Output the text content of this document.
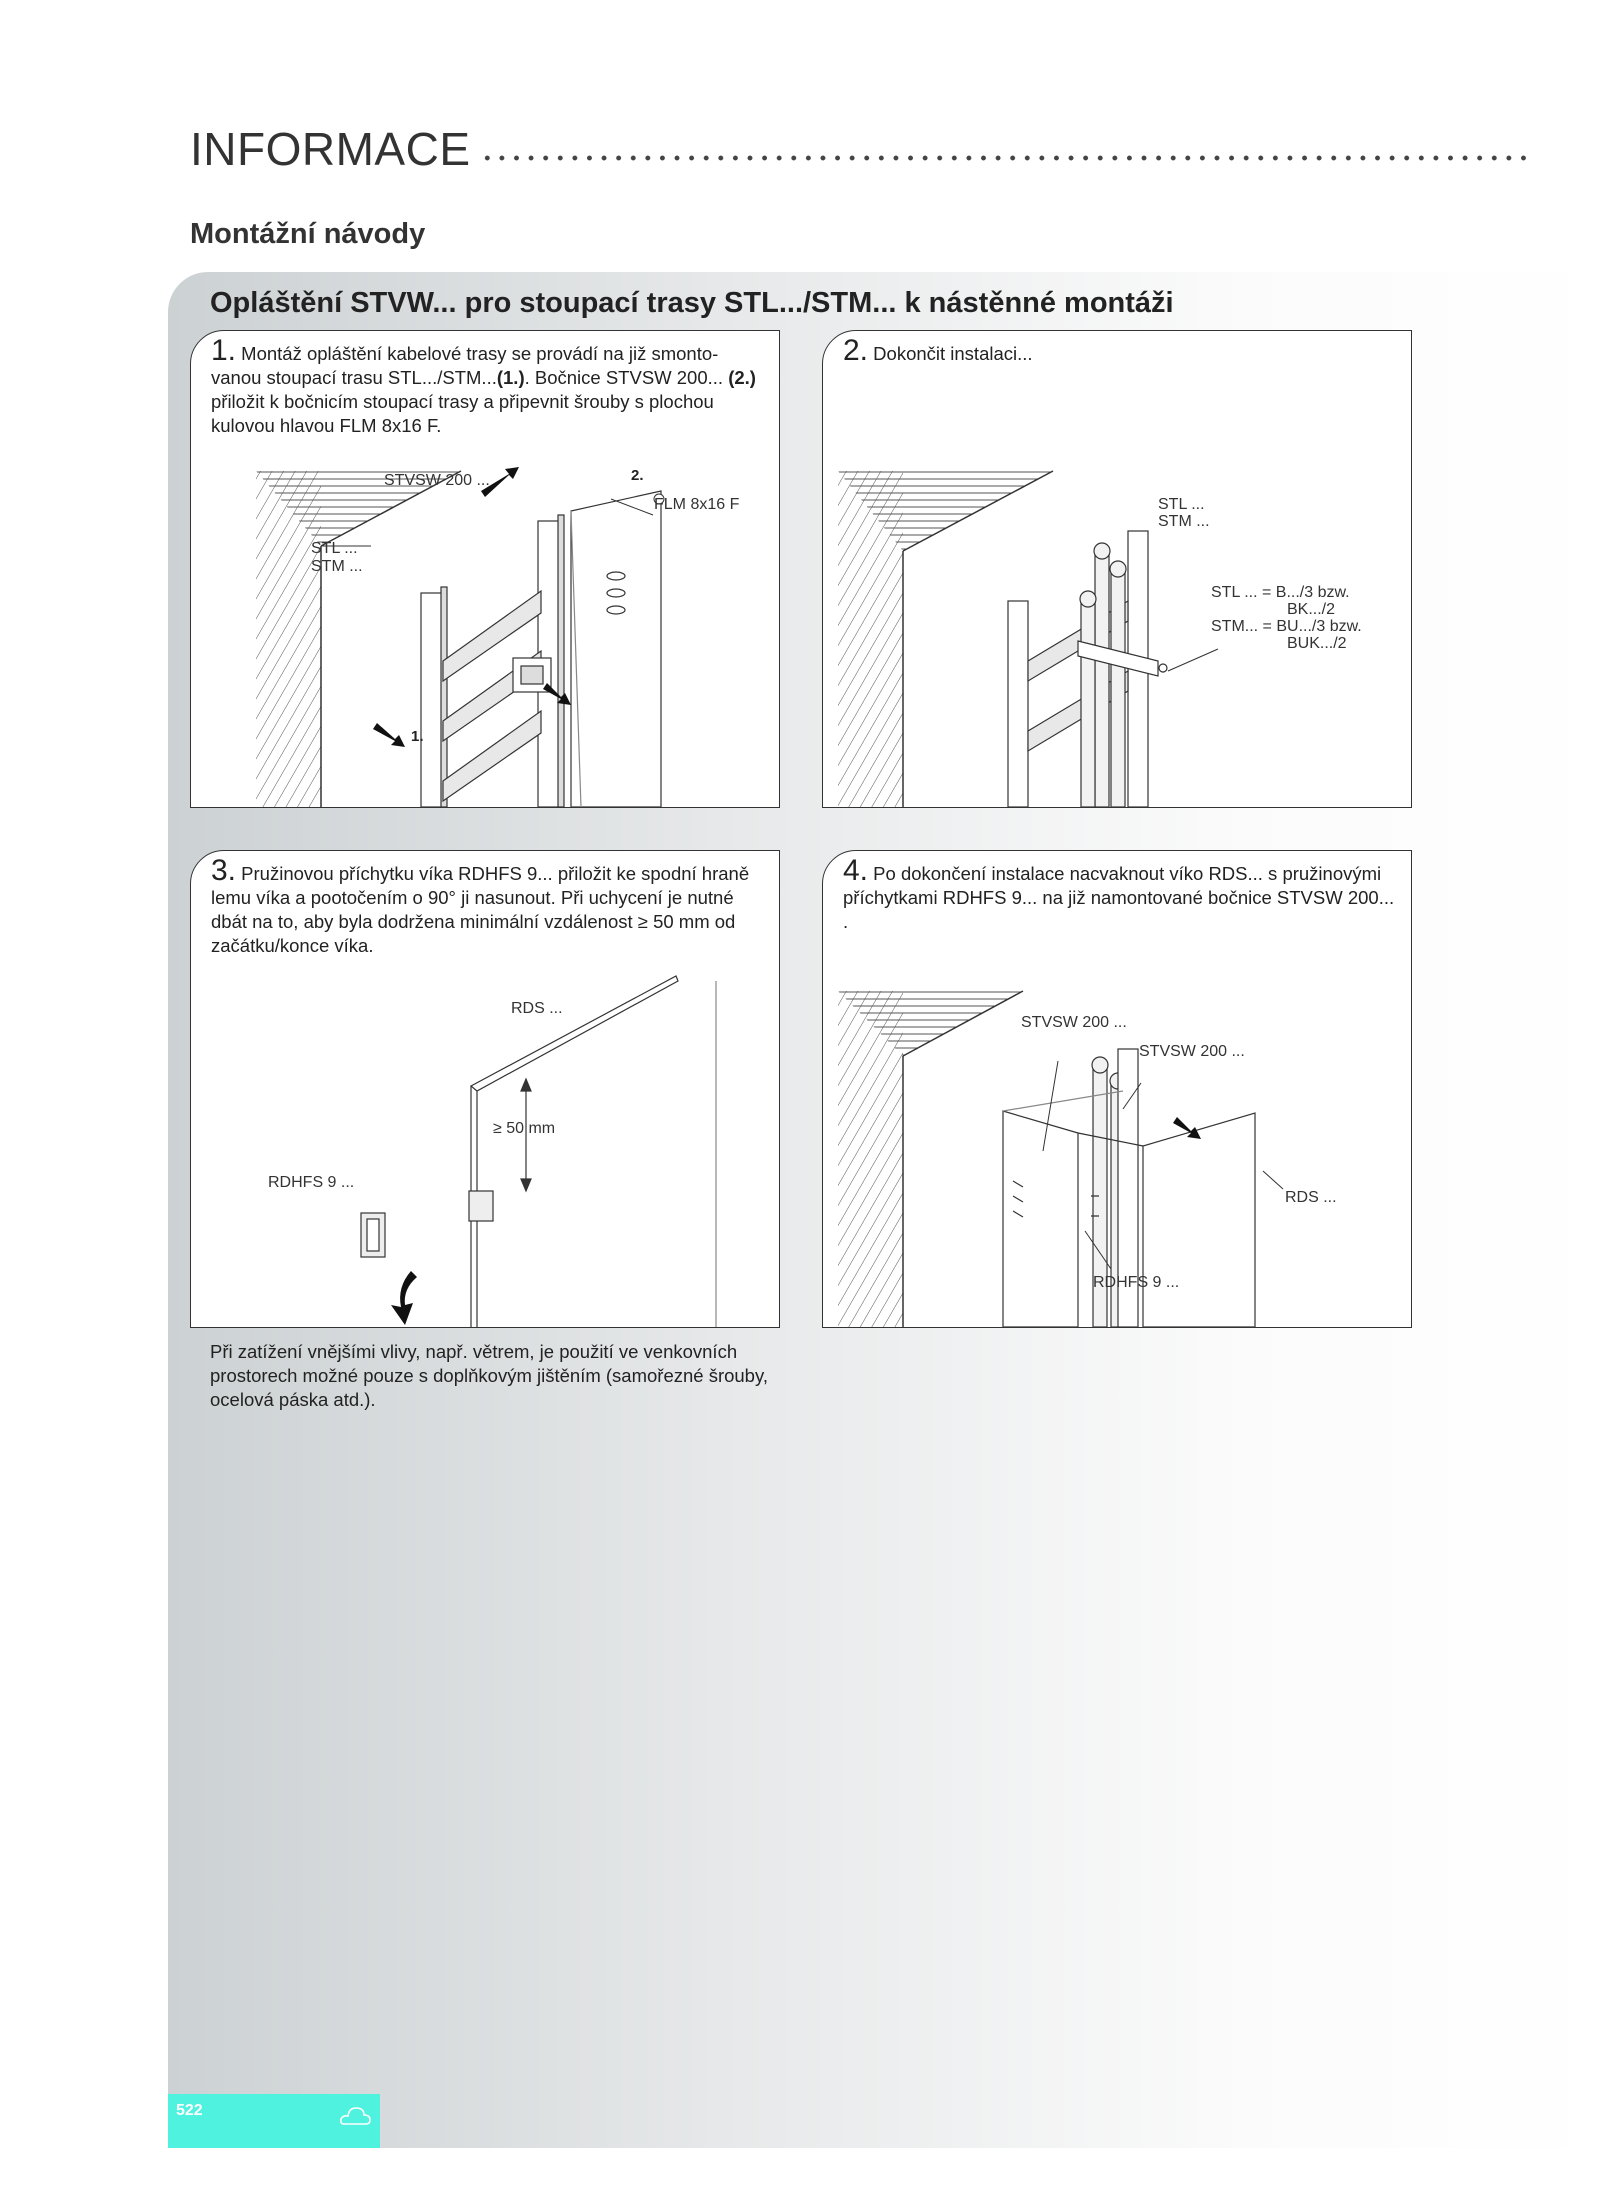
INFORMACE
Montážní návody
Opláštění STVW... pro stoupací trasy STL.../STM... k nástěnné montáži
1. Montáž opláštění kabelové trasy se provádí na již smonto-vanou stoupací trasu STL.../STM...(1.). Bočnice STVSW 200... (2.) přiložit k bočnicím stoupací trasy a připevnit šrouby s plochou kulovou hlavou FLM 8x16 F.
STVSW 200 ...	2.
FLM 8x16 F
STL ...
STM ...
1.
2. Dokončit instalaci...
STL ...
STM ...
STL ... = B.../3 bzw.
BK.../2
STM... = BU.../3 bzw.
BUK.../2
3. Pružinovou příchytku víka RDHFS 9... přiložit ke spodní hraně lemu víka a pootočením o 90° ji nasunout. Při uchycení je nutné dbát na to, aby byla dodržena minimální vzdálenost ≥ 50 mm od začátku/konce víka.
RDS ...
≥ 50 mm
RDHFS 9 ...
4. Po dokončení instalace nacvaknout víko RDS... s pružinovými příchytkami RDHFS 9... na již namontované bočnice STVSW 200... .
STVSW 200 ...
STVSW 200 ...
RDS ...
RDHFS 9 ...
Při zatížení vnějšími vlivy, např. větrem, je použití ve venkovních prostorech možné pouze s doplňkovým jištěním (samořezné šrouby, ocelová páska atd.).
522
